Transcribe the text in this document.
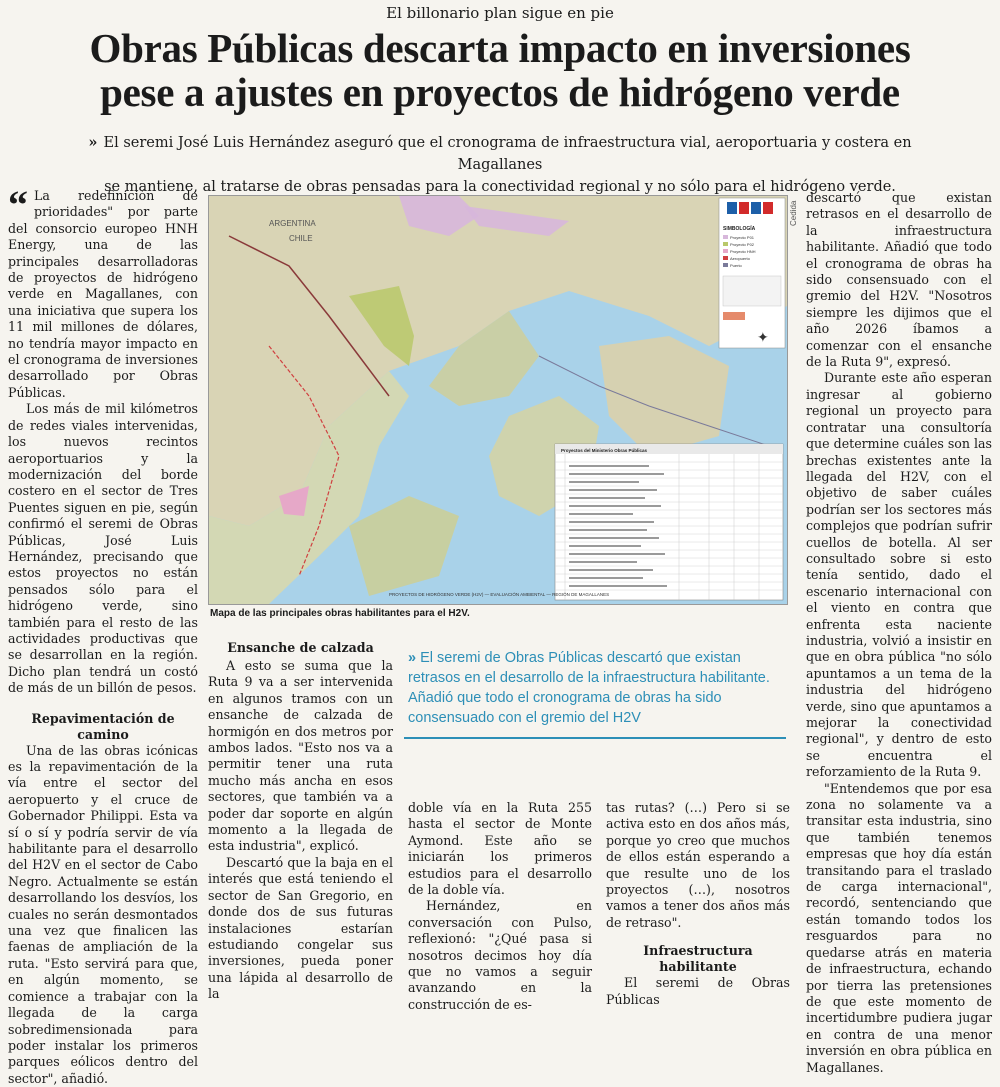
El billonario plan sigue en pie
Obras Públicas descarta impacto en inversiones
pese a ajustes en proyectos de hidrógeno verde
» El seremi José Luis Hernández aseguró que el cronograma de infraestructura vial, aeroportuaria y costera en Magallanes
se mantiene, al tratarse de obras pensadas para la conectividad regional y no sólo para el hidrógeno verde.

“ La redefinición de prioridades" por parte del consorcio europeo HNH Energy, una de las principales desarrolladoras de proyectos de hidrógeno verde en Magallanes, con una iniciativa que supera los 11 mil millones de dólares, no tendría mayor impacto en el cronograma de inversiones desarrollado por Obras Públicas.

Los más de mil kilómetros de redes viales intervenidas, los nuevos recintos aeroportuarios y la modernización del borde costero en el sector de Tres Puentes siguen en pie, según confirmó el seremi de Obras Públicas, José Luis Hernández, precisando que estos proyectos no están pensados sólo para el hidrógeno verde, sino también para el resto de las actividades productivas que se desarrollan en la región. Dicho plan tendrá un costó de más de un billón de pesos.

Repavimentación de camino

Una de las obras icónicas es la repavimentación de la vía entre el sector del aeropuerto y el cruce de Gobernador Philippi. Esta va sí o sí y podría servir de vía habilitante para el desarrollo del H2V en el sector de Cabo Negro. Actualmente se están desarrollando los desvíos, los cuales no serán desmontados una vez que finalicen las faenas de ampliación de la ruta. "Esto servirá para que, en algún momento, se comience a trabajar con la llegada de la carga sobredimensionada para poder instalar los primeros parques eólicos dentro del sector", añadió.

ARGENTINA
CHILE
SIMBOLOGÍA
Proyecto P01
Proyecto P02
Proyecto HNH
Aeropuerto
Puerto
✦
Proyectos del Ministerio Obras Públicas
PROYECTOS DE HIDRÓGENO VERDE (H2V) — EVALUACIÓN AMBIENTAL — REGIÓN DE MAGALLANES
Cedida
Mapa de las principales obras habilitantes para el H2V.
Ensanche de calzada

A esto se suma que la Ruta 9 va a ser intervenida en algunos tramos con un ensanche de calzada de hormigón en dos metros por ambos lados. "Esto nos va a permitir tener una ruta mucho más ancha en esos sectores, que también va a poder dar soporte en algún momento a la llegada de esta industria", explicó.

Descartó que la baja en el interés que está teniendo el sector de San Gregorio, en donde dos de sus futuras instalaciones estarían estudiando congelar sus inversiones, pueda poner una lápida al desarrollo de la

» El seremi de Obras Públicas descartó que existan retrasos en el desarrollo de la infraestructura habilitante. Añadió que todo el cronograma de obras ha sido consensuado con el gremio del H2V

doble vía en la Ruta 255 hasta el sector de Monte Aymond. Este año se iniciarán los primeros estudios para el desarrollo de la doble vía.

Hernández, en conversación con Pulso, reflexionó: "¿Qué pasa si nosotros decimos hoy día que no vamos a seguir avanzando en la construcción de es-

tas rutas? (…) Pero si se activa esto en dos años más, porque yo creo que muchos de ellos están esperando a que resulte uno de los proyectos (…), nosotros vamos a tener dos años más de retraso".

Infraestructura habilitante

El seremi de Obras Públicas

descartó que existan retrasos en el desarrollo de la infraestructura habilitante. Añadió que todo el cronograma de obras ha sido consensuado con el gremio del H2V. "Nosotros siempre les dijimos que el año 2026 íbamos a comenzar con el ensanche de la Ruta 9", expresó.

Durante este año esperan ingresar al gobierno regional un proyecto para contratar una consultoría que determine cuáles son las brechas existentes ante la llegada del H2V, con el objetivo de saber cuáles podrían ser los sectores más complejos que podrían sufrir cuellos de botella. Al ser consultado sobre si esto tenía sentido, dado el escenario internacional con el viento en contra que enfrenta esta naciente industria, volvió a insistir en que en obra pública "no sólo apuntamos a un tema de la industria del hidrógeno verde, sino que apuntamos a mejorar la conectividad regional", y dentro de esto se encuentra el reforzamiento de la Ruta 9.

"Entendemos que por esa zona no solamente va a transitar esta industria, sino que también tenemos empresas que hoy día están transitando para el traslado de carga internacional", recordó, sentenciando que están tomando todos los resguardos para no quedarse atrás en materia de infraestructura, echando por tierra las pretensiones de que este momento de incertidumbre pudiera jugar en contra de una menor inversión en obra pública en Magallanes.
